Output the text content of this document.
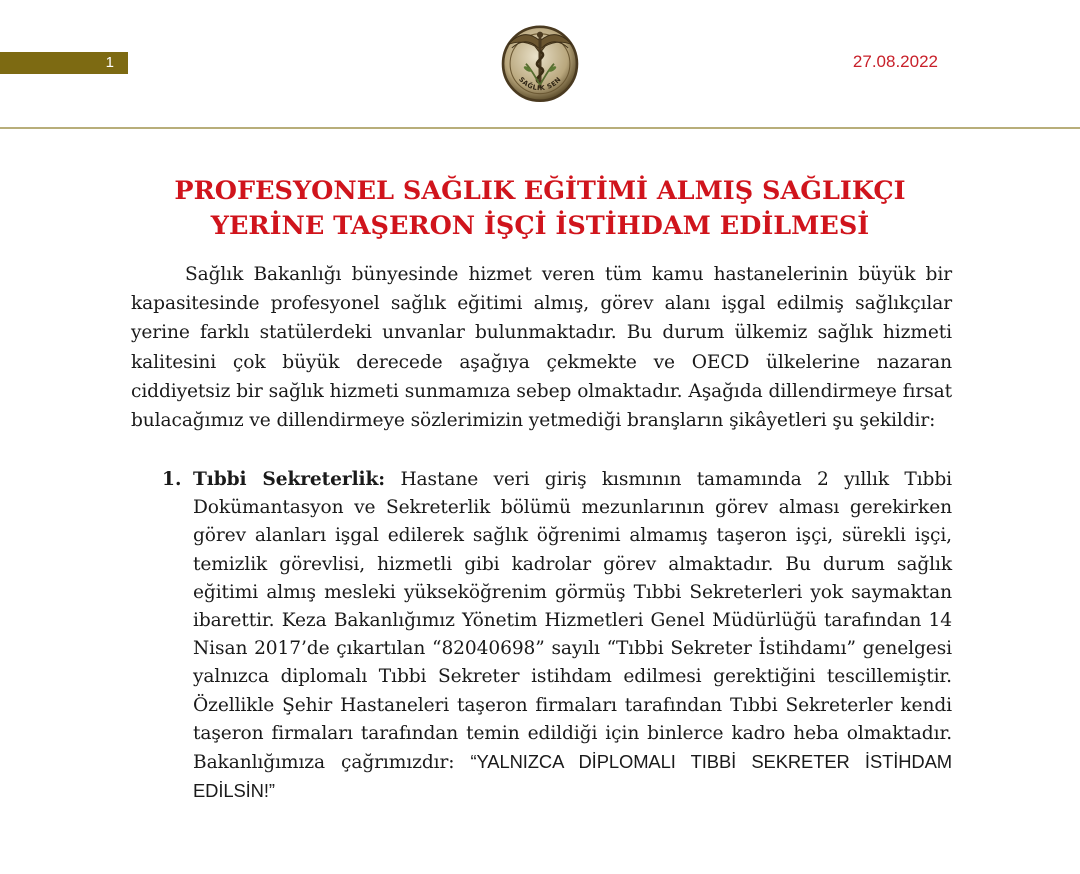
1
SAĞLIK SEN
27.08.2022
PROFESYONEL SAĞLIK EĞİTİMİ ALMIŞ SAĞLIKÇI
YERİNE TAŞERON İŞÇİ İSTİHDAM EDİLMESİ

Sağlık Bakanlığı bünyesinde hizmet veren tüm kamu hastanelerinin büyük bir kapasitesinde profesyonel sağlık eğitimi almış, görev alanı işgal edilmiş sağlıkçılar yerine farklı statülerdeki unvanlar bulunmaktadır. Bu durum ülkemiz sağlık hizmeti kalitesini çok büyük derecede aşağıya çekmekte ve OECD ülkelerine nazaran ciddiyetsiz bir sağlık hizmeti sunmamıza sebep olmaktadır. Aşağıda dillendirmeye fırsat bulacağımız ve dillendirmeye sözlerimizin yetmediği branşların şikâyetleri şu şekildir:

1. Tıbbi Sekreterlik: Hastane veri giriş kısmının tamamında 2 yıllık Tıbbi Dokümantasyon ve Sekreterlik bölümü mezunlarının görev alması gerekirken görev alanları işgal edilerek sağlık öğrenimi almamış taşeron işçi, sürekli işçi, temizlik görevlisi, hizmetli gibi kadrolar görev almaktadır. Bu durum sağlık eğitimi almış mesleki yükseköğrenim görmüş Tıbbi Sekreterleri yok saymaktan ibarettir. Keza Bakanlığımız Yönetim Hizmetleri Genel Müdürlüğü tarafından 14 Nisan 2017’de çıkartılan “82040698” sayılı “Tıbbi Sekreter İstihdamı” genelgesi yalnızca diplomalı Tıbbi Sekreter istihdam edilmesi gerektiğini tescillemiştir. Özellikle Şehir Hastaneleri taşeron firmaları tarafından Tıbbi Sekreterler kendi taşeron firmaları tarafından temin edildiği için binlerce kadro heba olmaktadır. Bakanlığımıza çağrımızdır: “YALNIZCA DİPLOMALI TIBBİ SEKRETER İSTİHDAM EDİLSİN!”
